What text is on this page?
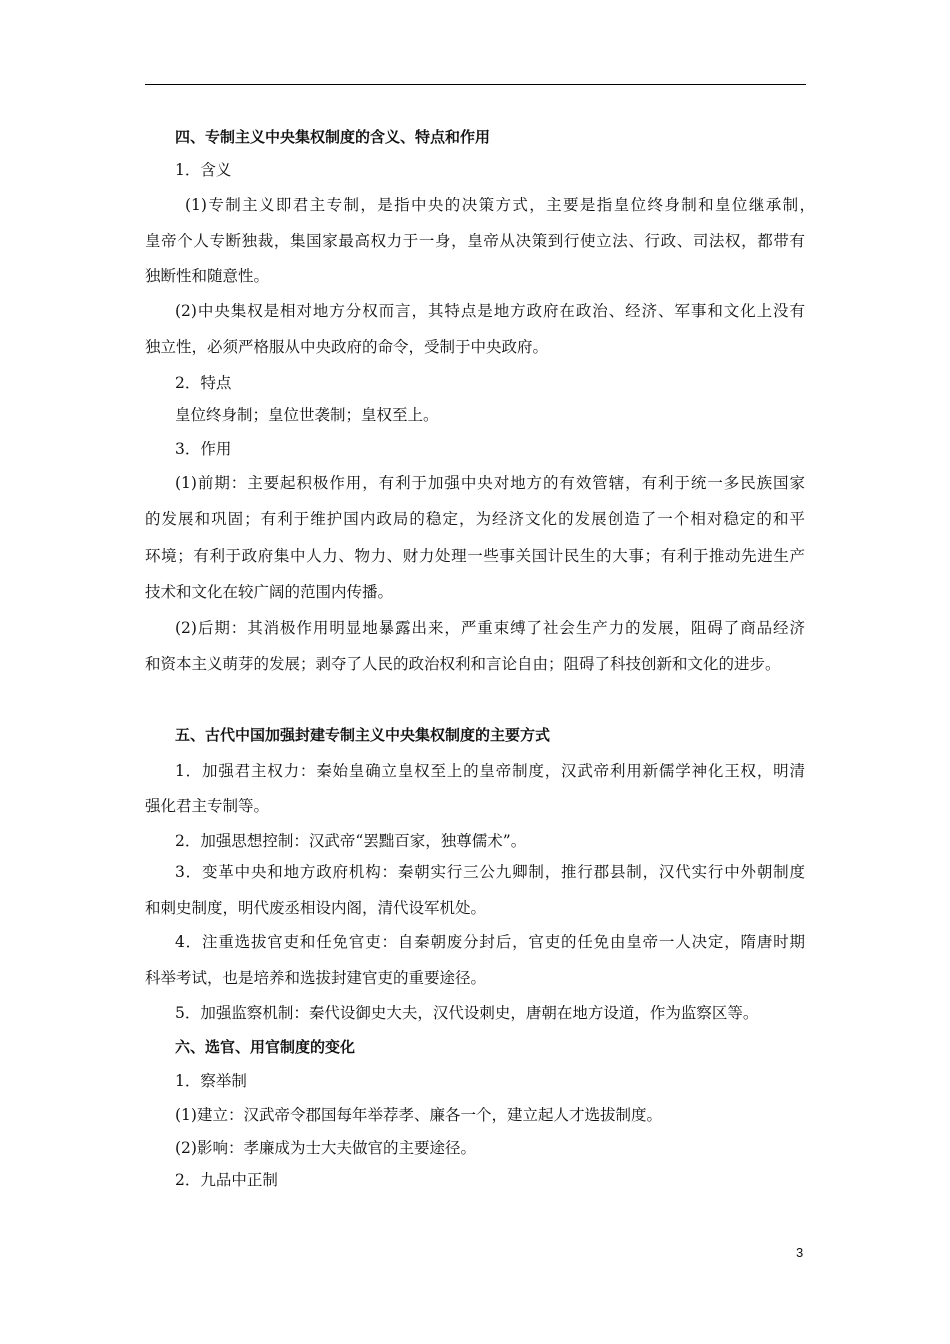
四、专制主义中央集权制度的含义、特点和作用
1．含义
(1)专制主义即君主专制，是指中央的决策方式，主要是指皇位终身制和皇位继承制，
皇帝个人专断独裁，集国家最高权力于一身，皇帝从决策到行使立法、行政、司法权，都带有
独断性和随意性。
(2)中央集权是相对地方分权而言，其特点是地方政府在政治、经济、军事和文化上没有
独立性，必须严格服从中央政府的命令，受制于中央政府。
2．特点
皇位终身制；皇位世袭制；皇权至上。
3．作用
(1)前期：主要起积极作用，有利于加强中央对地方的有效管辖，有利于统一多民族国家
的发展和巩固；有利于维护国内政局的稳定，为经济文化的发展创造了一个相对稳定的和平
环境；有利于政府集中人力、物力、财力处理一些事关国计民生的大事；有利于推动先进生产
技术和文化在较广阔的范围内传播。
(2)后期：其消极作用明显地暴露出来，严重束缚了社会生产力的发展，阻碍了商品经济
和资本主义萌芽的发展；剥夺了人民的政治权利和言论自由；阻碍了科技创新和文化的进步。
五、古代中国加强封建专制主义中央集权制度的主要方式
1．加强君主权力：秦始皇确立皇权至上的皇帝制度，汉武帝利用新儒学神化王权，明清
强化君主专制等。
2．加强思想控制：汉武帝“罢黜百家，独尊儒术”。
3．变革中央和地方政府机构：秦朝实行三公九卿制，推行郡县制，汉代实行中外朝制度
和刺史制度，明代废丞相设内阁，清代设军机处。
4．注重选拔官吏和任免官吏：自秦朝废分封后，官吏的任免由皇帝一人决定，隋唐时期
科举考试，也是培养和选拔封建官吏的重要途径。
5．加强监察机制：秦代设御史大夫，汉代设刺史，唐朝在地方设道，作为监察区等。
六、选官、用官制度的变化
1．察举制
(1)建立：汉武帝令郡国每年举荐孝、廉各一个，建立起人才选拔制度。
(2)影响：孝廉成为士大夫做官的主要途径。
2．九品中正制
3
